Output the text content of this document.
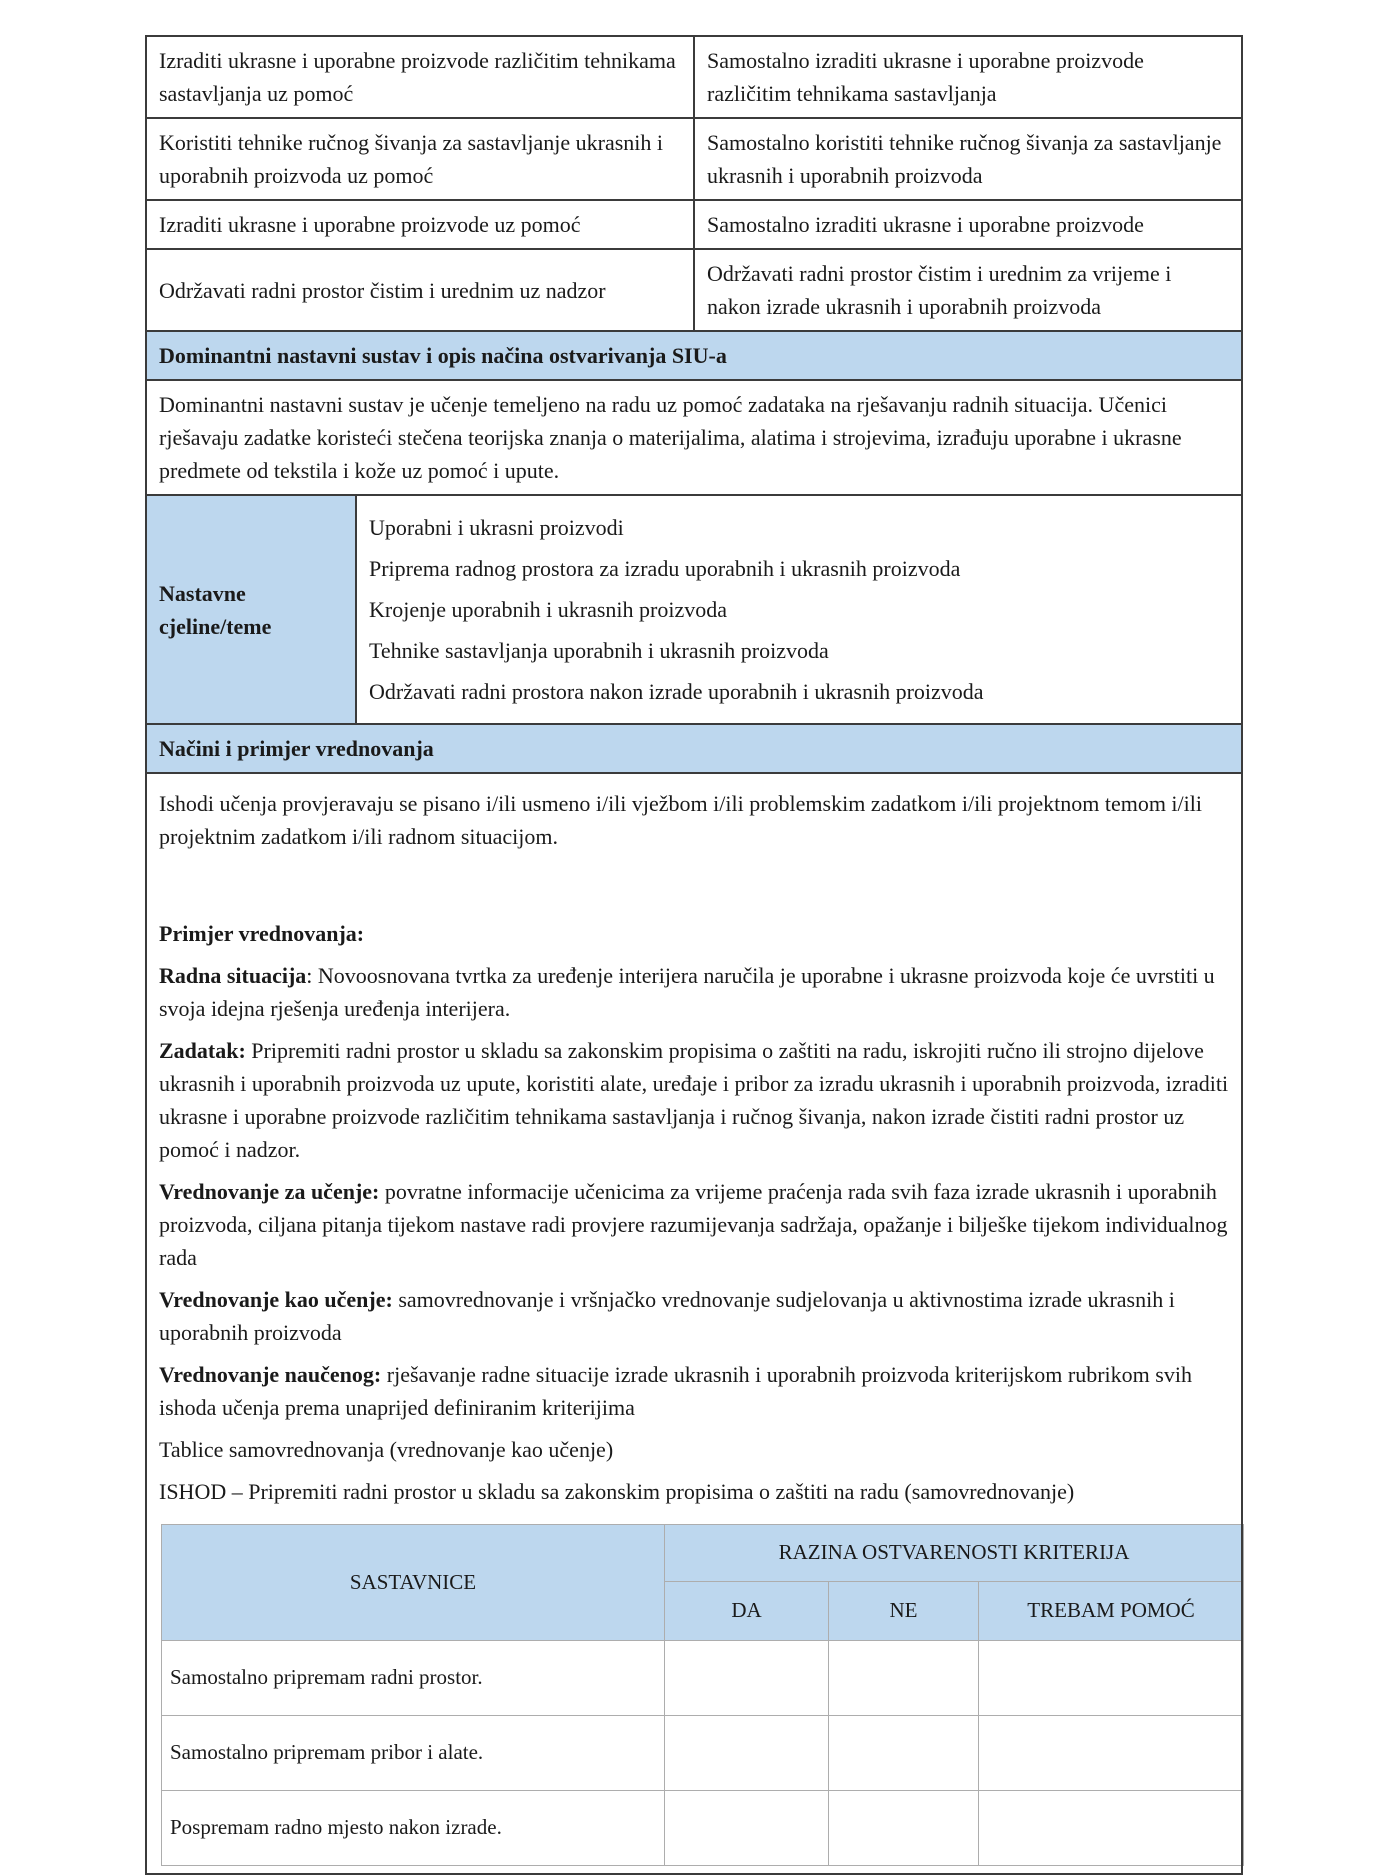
Izraditi ukrasne i uporabne proizvode različitim tehnikama sastavljanja uz pomoć	Samostalno izraditi ukrasne i uporabne proizvode različitim tehnikama sastavljanja
Koristiti tehnike ručnog šivanja za sastavljanje ukrasnih i uporabnih proizvoda uz pomoć	Samostalno koristiti tehnike ručnog šivanja za sastavljanje ukrasnih i uporabnih proizvoda
Izraditi ukrasne i uporabne proizvode uz pomoć	Samostalno izraditi ukrasne i uporabne proizvode
Održavati radni prostor čistim i urednim uz nadzor	Održavati radni prostor čistim i urednim za vrijeme i nakon izrade ukrasnih i uporabnih proizvoda
Dominantni nastavni sustav i opis načina ostvarivanja SIU-a
Dominantni nastavni sustav je učenje temeljeno na radu uz pomoć zadataka na rješavanju radnih situacija. Učenici rješavaju zadatke koristeći stečena teorijska znanja o materijalima, alatima i strojevima, izrađuju uporabne i ukrasne predmete od tekstila i kože uz pomoć i upute.
Nastavne cjeline/teme	
Uporabni i ukrasni proizvodi
Priprema radnog prostora za izradu uporabnih i ukrasnih proizvoda
Krojenje uporabnih i ukrasnih proizvoda
Tehnike sastavljanja uporabnih i ukrasnih proizvoda
Održavati radni prostora nakon izrade uporabnih i ukrasnih proizvoda

Načini i primjer vrednovanja

Ishodi učenja provjeravaju se pisano i/ili usmeno i/ili vježbom i/ili problemskim zadatkom i/ili projektnom temom i/ili projektnim zadatkom i/ili radnom situacijom.

Primjer vrednovanja:

Radna situacija: Novoosnovana tvrtka za uređenje interijera naručila je uporabne i ukrasne proizvoda koje će uvrstiti u svoja idejna rješenja uređenja interijera.

Zadatak: Pripremiti radni prostor u skladu sa zakonskim propisima o zaštiti na radu, iskrojiti ručno ili strojno dijelove ukrasnih i uporabnih proizvoda uz upute, koristiti alate, uređaje i pribor za izradu ukrasnih i uporabnih proizvoda, izraditi ukrasne i uporabne proizvode različitim tehnikama sastavljanja i ručnog šivanja, nakon izrade čistiti radni prostor uz pomoć i nadzor.

Vrednovanje za učenje: povratne informacije učenicima za vrijeme praćenja rada svih faza izrade ukrasnih i uporabnih proizvoda, ciljana pitanja tijekom nastave radi provjere razumijevanja sadržaja, opažanje i bilješke tijekom individualnog rada

Vrednovanje kao učenje: samovrednovanje i vršnjačko vrednovanje sudjelovanja u aktivnostima izrade ukrasnih i uporabnih proizvoda

Vrednovanje naučenog: rješavanje radne situacije izrade ukrasnih i uporabnih proizvoda kriterijskom rubrikom svih ishoda učenja prema unaprijed definiranim kriterijima

Tablice samovrednovanja (vrednovanje kao učenje)

ISHOD – Pripremiti radni prostor u skladu sa zakonskim propisima o zaštiti na radu (samovrednovanje)

SASTAVNICE	RAZINA OSTVARENOSTI KRITERIJA
DA	NE	TREBAM POMOĆ
Samostalno pripremam radni prostor.			
Samostalno pripremam pribor i alate.			
Pospremam radno mjesto nakon izrade.			
